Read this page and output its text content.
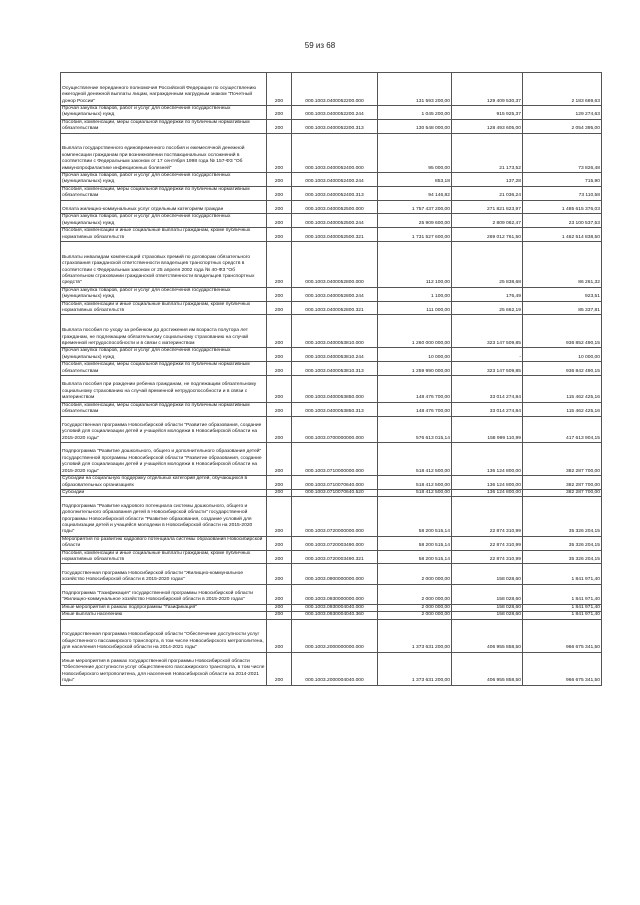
59 из 68
Осуществление переданного полномочия Российской Федерации по осуществлению ежегодной денежной выплаты лицам, награжденным нагрудным знаком "Почетный донор России"	200	000.1003.0400052200.000	131 593 200,00	129 409 530,37	2 183 669,63
Прочая закупка товаров, работ и услуг для обеспечения государственных (муниципальных) нужд	200	000.1003.0400052200.244	1 045 200,00	915 925,37	129 274,63
Пособия, компенсации, меры социальной поддержки по публичным нормативным обязательствам	200	000.1003.0400052200.313	130 548 000,00	128 493 605,00	2 054 395,00
Выплата государственного единовременного пособия и ежемесячной денежной компенсации гражданам при возникновении поствакцинальных осложнений в соответствии с Федеральным законом от 17 сентября 1998 года № 157-ФЗ "Об иммунопрофилактике инфекционных болезней"	200	000.1003.0400052400.000	95 000,00	21 173,52	73 826,48
Прочая закупка товаров, работ и услуг для обеспечения государственных (муниципальных) нужд	200	000.1003.0400052400.244	853,18	137,28	715,90
Пособия, компенсации, меры социальной поддержки по публичным нормативным обязательствам	200	000.1003.0400052400.313	94 146,82	21 036,24	73 110,58
Оплата жилищно-коммунальных услуг отдельным категориям граждан	200	000.1003.0400052500.000	1 757 437 200,00	271 821 823,97	1 485 615 376,03
Прочая закупка товаров, работ и услуг для обеспечения государственных (муниципальных) нужд	200	000.1003.0400052500.244	25 909 600,00	2 809 062,47	23 100 537,53
Пособия, компенсации и иные социальные выплаты гражданам, кроме публичных нормативных обязательств	200	000.1003.0400052500.321	1 731 527 600,00	269 012 761,50	1 462 514 838,50
Выплаты инвалидам компенсаций страховых премий по договорам обязательного страхования гражданской ответственности владельцев транспортных средств в соответствии с Федеральным законом от 25 апреля 2002 года № 40-ФЗ "Об обязательном страховании гражданской ответственности владельцев транспортных средств"	200	000.1003.0400052800.000	112 100,00	25 838,68	86 261,32
Прочая закупка товаров, работ и услуг для обеспечения государственных (муниципальных) нужд	200	000.1003.0400052800.244	1 100,00	176,49	923,51
Пособия, компенсации и иные социальные выплаты гражданам, кроме публичных нормативных обязательств	200	000.1003.0400052800.321	111 000,00	25 662,19	85 337,81
Выплата пособия по уходу за ребенком до достижения им возраста полутора лет гражданам, не подлежащим обязательному социальному страхованию на случай временной нетрудоспособности и в связи с материнством	200	000.1003.0400053810.000	1 260 000 000,00	323 147 509,85	936 852 490,15
Прочая закупка товаров, работ и услуг для обеспечения государственных (муниципальных) нужд	200	000.1003.0400053810.244	10 000,00	-	10 000,00
Пособия, компенсации, меры социальной поддержки по публичным нормативным обязательствам	200	000.1003.0400053810.313	1 259 990 000,00	323 147 509,85	936 842 490,15
Выплата пособия при рождении ребенка гражданам, не подлежащим обязательному социальному страхованию на случай временной нетрудоспособности и в связи с материнством	200	000.1003.0400053850.000	148 476 700,00	33 014 274,84	115 462 425,16
Пособия, компенсации, меры социальной поддержки по публичным нормативным обязательствам	200	000.1003.0400053850.313	148 476 700,00	33 014 274,84	115 462 425,16
Государственная программа Новосибирской области "Развитие образования, создание условий для социализации детей и учащейся молодежи в Новосибирской области на 2015-2020 годы"	200	000.1003.0700000000.000	576 613 015,14	158 999 110,99	417 613 904,15
Подпрограмма "Развитие дошкольного, общего и дополнительного образования детей" государственной программы Новосибирской области "Развитие образования, создание условий для социализации детей и учащейся молодежи в Новосибирской области на 2015-2020 годы"	200	000.1003.0710000000.000	518 412 500,00	136 124 800,00	382 287 700,00
Субсидии на социальную поддержку отдельных категорий детей, обучающихся в образовательных организациях	200	000.1003.0710070640.000	518 412 500,00	136 124 800,00	382 287 700,00
Субсидии	200	000.1003.0710070640.520	518 412 500,00	136 124 800,00	382 287 700,00
Подпрограмма "Развитие кадрового потенциала системы дошкольного, общего и дополнительного образования детей в Новосибирской области" государственной программы Новосибирской области "Развитие образования, создание условий для социализации детей и учащейся молодежи в Новосибирской области на 2015-2020 годы"	200	000.1003.0720000000.000	58 200 515,14	22 874 310,99	35 326 204,15
Мероприятия по развитию кадрового потенциала системы образования Новосибирской области	200	000.1003.0720003490.000	58 200 515,14	22 874 310,99	35 326 204,15
Пособия, компенсации и иные социальные выплаты гражданам, кроме публичных нормативных обязательств	200	000.1003.0720003490.321	58 200 515,14	22 874 310,99	35 326 204,15
Государственная программа Новосибирской области "Жилищно-коммунальное хозяйство Новосибирской области в 2015-2020 годах"	200	000.1003.0900000000.000	2 000 000,00	158 028,60	1 841 971,40
Подпрограмма "Газификация" государственной программы Новосибирской области "Жилищно-коммунальное хозяйство Новосибирской области в 2015-2020 годах"	200	000.1003.0930000000.000	2 000 000,00	158 028,60	1 841 971,40
Иные мероприятия в рамках подпрограммы "Газификация"	200	000.1003.0930004040.000	2 000 000,00	158 028,60	1 841 971,40
Иные выплаты населению	200	000.1003.0930004040.360	2 000 000,00	158 028,60	1 841 971,40
Государственная программа Новосибирской области "Обеспечение доступности услуг общественного пассажирского транспорта, в том числе Новосибирского метрополитена, для населения Новосибирской области на 2014-2021 годы"	200	000.1003.2000000000.000	1 373 631 200,00	406 955 858,50	966 675 341,50
Иные мероприятия в рамках государственной программы Новосибирской области "Обеспечение доступности услуг общественного пассажирского транспорта, в том числе Новосибирского метрополитена, для населения Новосибирской области на 2014-2021 годы"	200	000.1003.2000004040.000	1 373 631 200,00	406 955 858,50	966 675 341,50
